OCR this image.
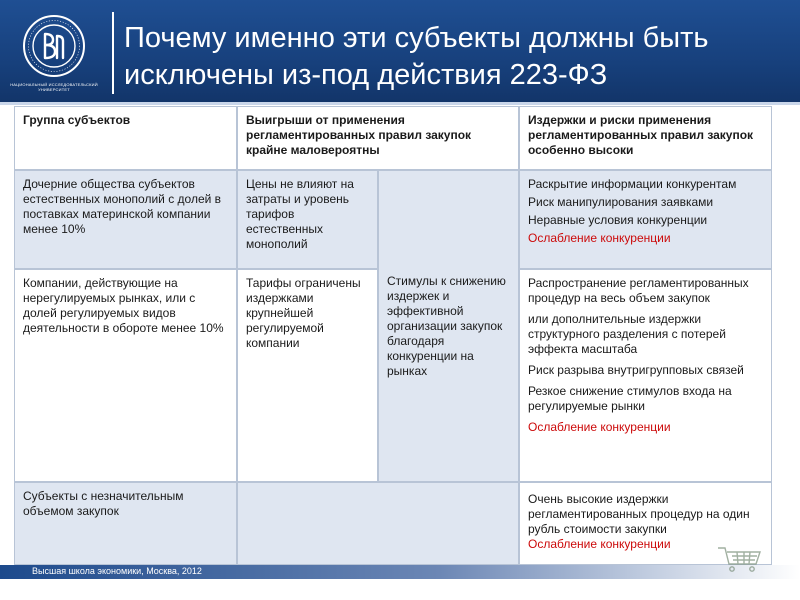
НАЦИОНАЛЬНЫЙ ИССЛЕДОВАТЕЛЬСКИЙ УНИВЕРСИТЕТ
Почему именно эти субъекты должны быть
исключены из-под действия 223-ФЗ
Группа субъектов	Выигрыши от применения регламентированных правил закупок крайне маловероятны
Издержки и риски применения регламентированных правил закупок особенно высоки
Дочерние общества субъектов естественных монополий с долей в поставках материнской компании менее 10%
Цены не влияют на затраты и уровень тарифов естественных монополий
Раскрытие информации конкурентам
Риск манипулирования заявками
Неравные условия конкуренции
Ослабление конкуренции
Стимулы к снижению издержек и эффективной организации закупок благодаря конкуренции на рынках
Компании, действующие на нерегулируемых рынках, или с долей регулируемых видов деятельности в обороте менее 10%
Тарифы ограничены издержками крупнейшей регулируемой компании
Распространение регламентированных процедур на весь объем закупок
или дополнительные издержки структурного разделения с потерей эффекта масштаба
Риск разрыва внутригрупповых связей
Резкое снижение стимулов входа на регулируемые рынки
Ослабление конкуренции
Субъекты с незначительным объемом закупок
Очень высокие издержки регламентированных процедур на один рубль стоимости закупки
Ослабление конкуренции
Высшая школа экономики, Москва, 2012
